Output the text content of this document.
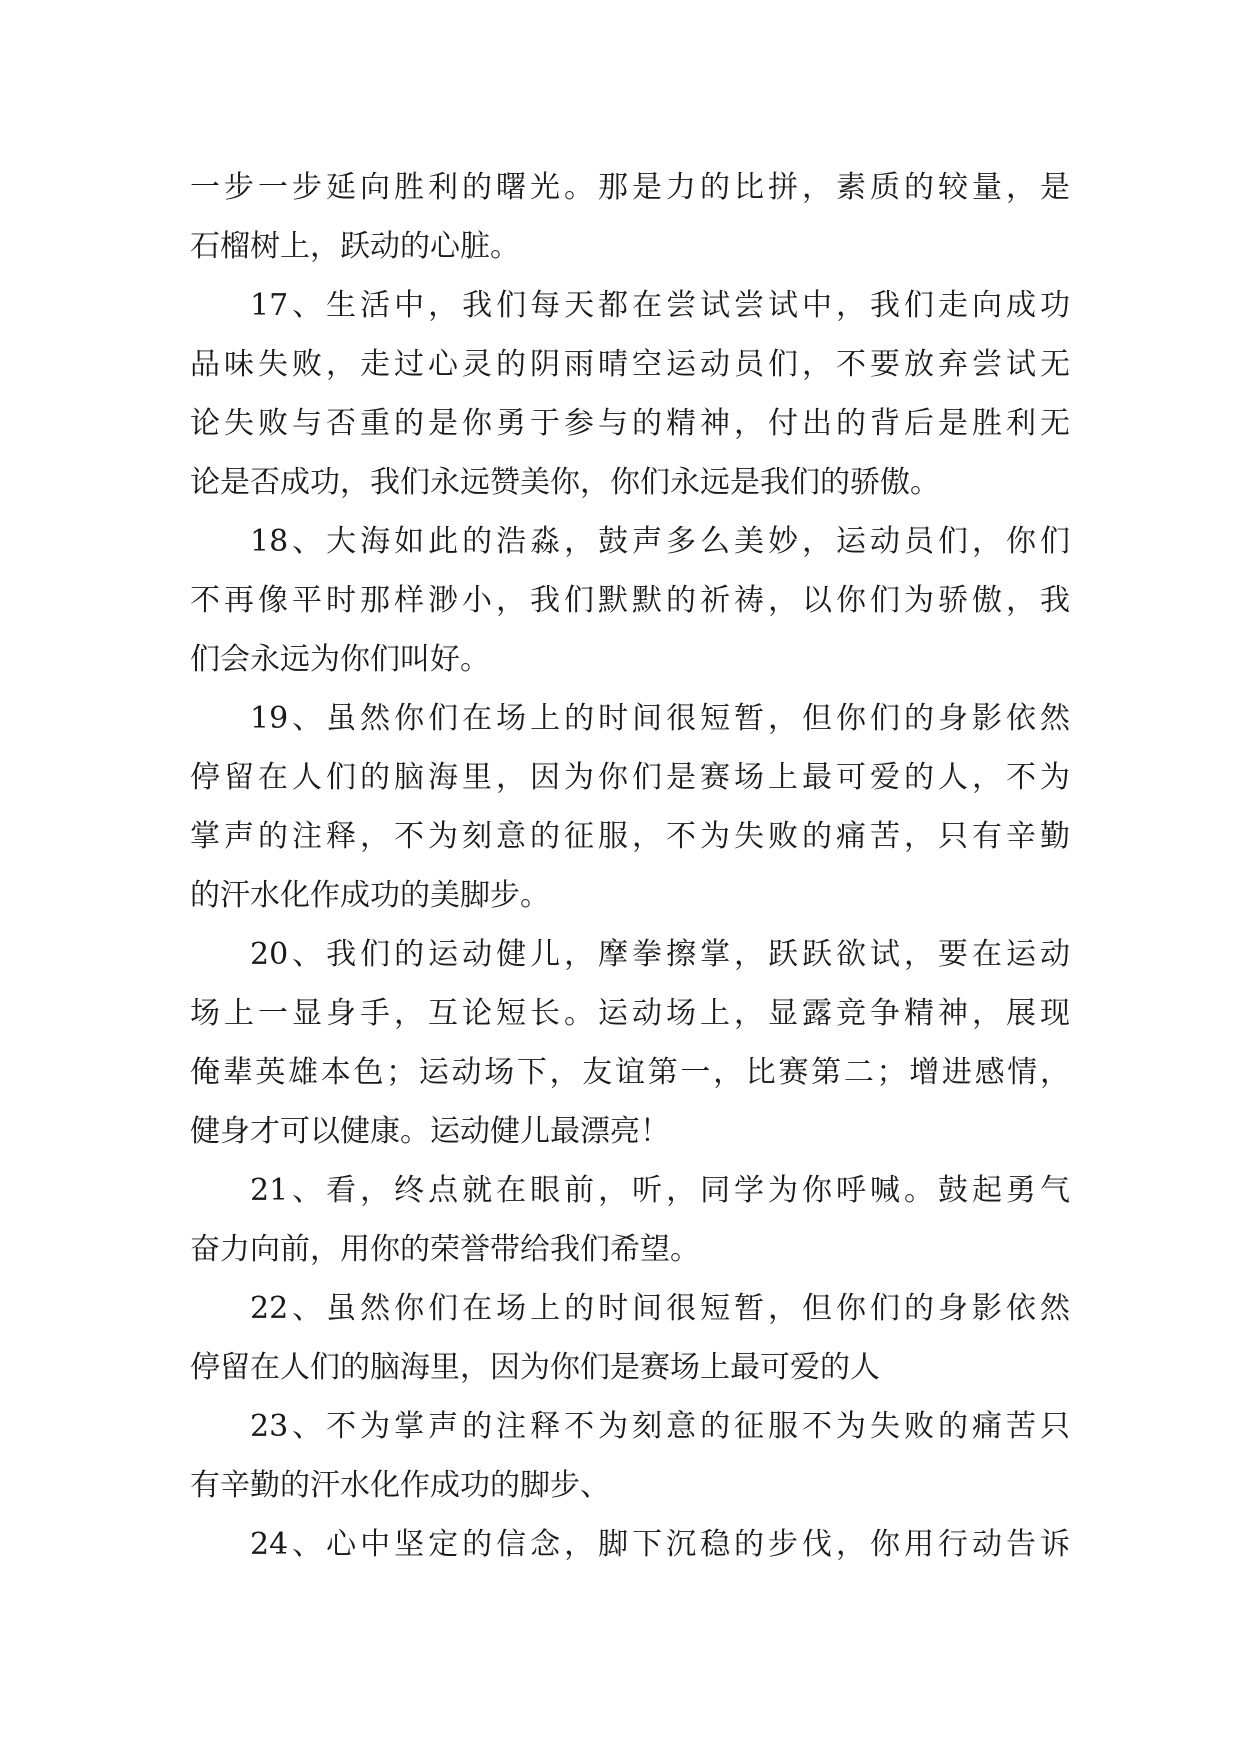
一步一步延向胜利的曙光。那是力的比拼，素质的较量，是
石榴树上，跃动的心脏。
17、生活中，我们每天都在尝试尝试中，我们走向成功
品味失败，走过心灵的阴雨晴空运动员们，不要放弃尝试无
论失败与否重的是你勇于参与的精神，付出的背后是胜利无
论是否成功，我们永远赞美你，你们永远是我们的骄傲。
18、大海如此的浩淼，鼓声多么美妙，运动员们，你们
不再像平时那样渺小，我们默默的祈祷，以你们为骄傲，我
们会永远为你们叫好。
19、虽然你们在场上的时间很短暂，但你们的身影依然
停留在人们的脑海里，因为你们是赛场上最可爱的人，不为
掌声的注释，不为刻意的征服，不为失败的痛苦，只有辛勤
的汗水化作成功的美脚步。
20、我们的运动健儿，摩拳擦掌，跃跃欲试，要在运动
场上一显身手，互论短长。运动场上，显露竞争精神，展现
俺辈英雄本色；运动场下，友谊第一，比赛第二；增进感情，
健身才可以健康。运动健儿最漂亮！
21、看，终点就在眼前，听，同学为你呼喊。鼓起勇气
奋力向前，用你的荣誉带给我们希望。
22、虽然你们在场上的时间很短暂，但你们的身影依然
停留在人们的脑海里，因为你们是赛场上最可爱的人
23、不为掌声的注释不为刻意的征服不为失败的痛苦只
有辛勤的汗水化作成功的脚步、
24、心中坚定的信念，脚下沉稳的步伐，你用行动告诉
